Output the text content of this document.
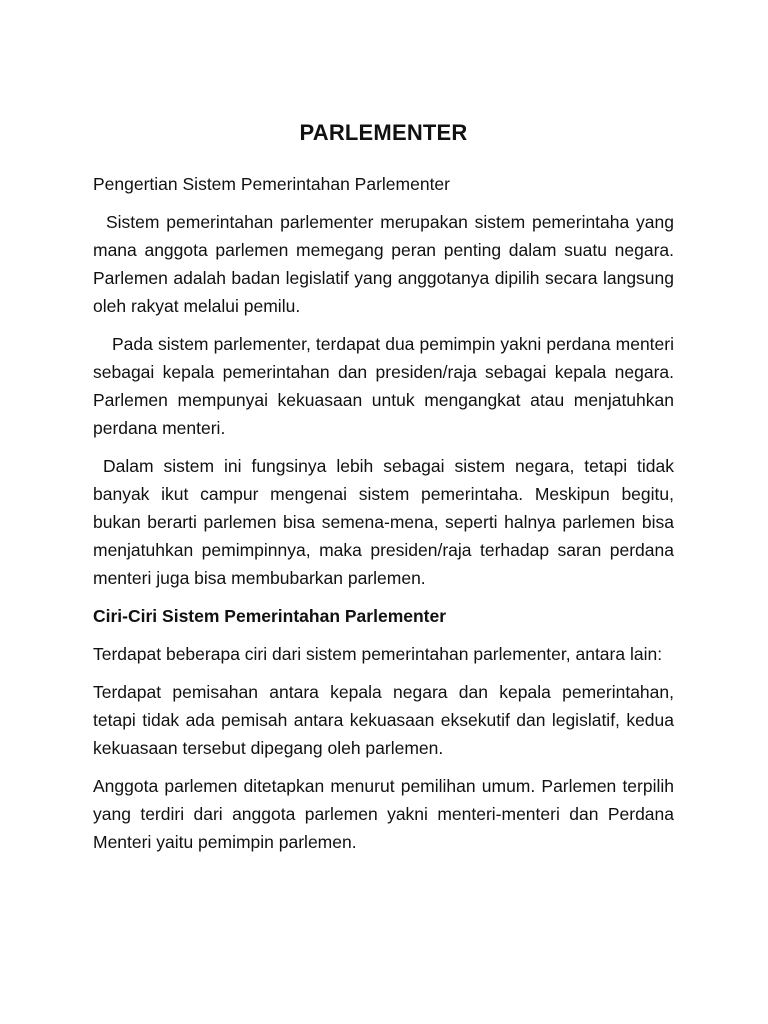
PARLEMENTER

Pengertian Sistem Pemerintahan Parlementer

Sistem pemerintahan parlementer merupakan sistem pemerintaha yang mana anggota parlemen memegang peran penting dalam suatu negara. Parlemen adalah badan legislatif yang anggotanya dipilih secara langsung oleh rakyat melalui pemilu.

Pada sistem parlementer, terdapat dua pemimpin yakni perdana menteri sebagai kepala pemerintahan dan presiden/raja sebagai kepala negara. Parlemen mempunyai kekuasaan untuk mengangkat atau menjatuhkan perdana menteri.

Dalam sistem ini fungsinya lebih sebagai sistem negara, tetapi tidak banyak ikut campur mengenai sistem pemerintaha. Meskipun begitu, bukan berarti parlemen bisa semena-mena, seperti halnya parlemen bisa menjatuhkan pemimpinnya, maka presiden/raja terhadap saran perdana menteri juga bisa membubarkan parlemen.

Ciri-Ciri Sistem Pemerintahan Parlementer

Terdapat beberapa ciri dari sistem pemerintahan parlementer, antara lain:

Terdapat pemisahan antara kepala negara dan kepala pemerintahan, tetapi tidak ada pemisah antara kekuasaan eksekutif dan legislatif, kedua kekuasaan tersebut dipegang oleh parlemen.

Anggota parlemen ditetapkan menurut pemilihan umum. Parlemen terpilih yang terdiri dari anggota parlemen yakni menteri-menteri dan Perdana Menteri yaitu pemimpin parlemen.
